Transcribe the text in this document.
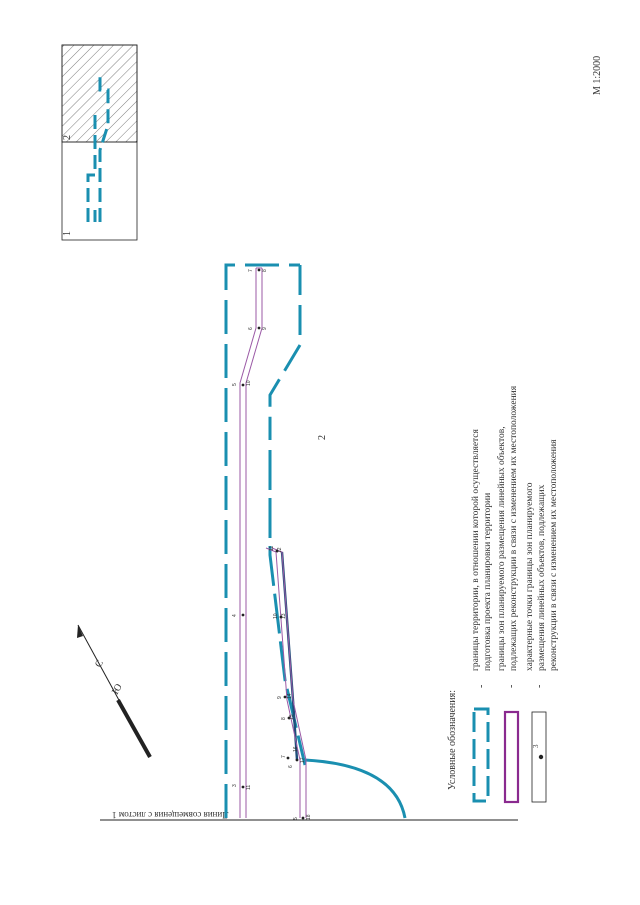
2
М 1:2000
1
2
Ю
С
Линия совмещения с листом 1
3 11
4
5 10
6 9
7 8
12
11
10 13
9 14
8 15
7
16
6
17
5 18
Условные обозначения:
-
границы территории, в отношении которой осуществляется подготовка проекта планировки территории
-
границы зон планируемого размещения линейных объектов, подлежащих реконструкции в связи с изменением их местоположения
3
-
характерные точки границы зон планируемого размещения линейных объектов, подлежащих реконструкции в связи с изменением их местоположения
